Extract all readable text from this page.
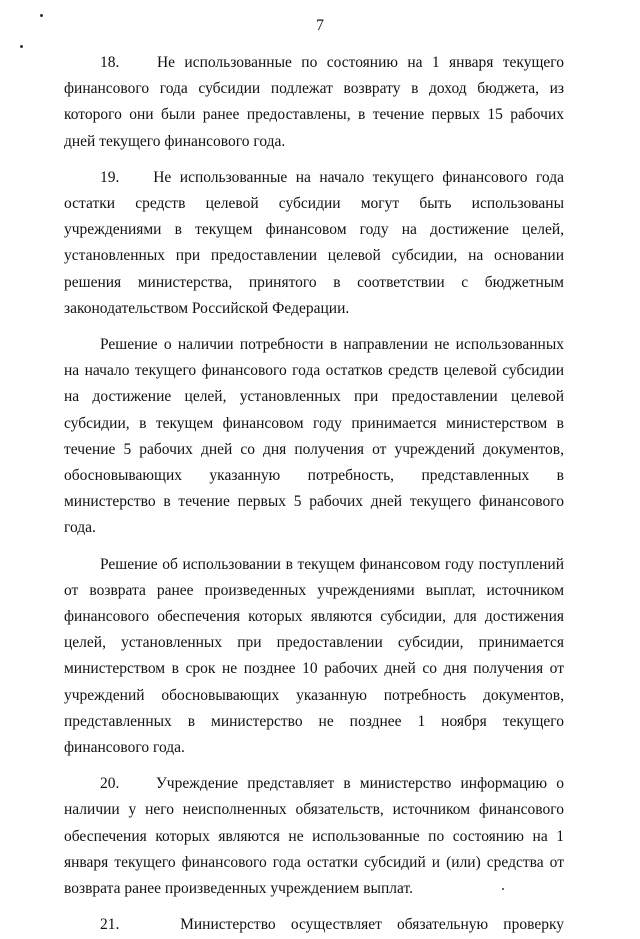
7

18. Не использованные по состоянию на 1 января текущего финансового года субсидии подлежат возврату в доход бюджета, из которого они были ранее предоставлены, в течение первых 15 рабочих дней текущего финансового года.

19. Не использованные на начало текущего финансового года остатки средств целевой субсидии могут быть использованы учреждениями в текущем финансовом году на достижение целей, установленных при предоставлении целевой субсидии, на основании решения министерства, принятого в соответствии с бюджетным законодательством Российской Федерации.

Решение о наличии потребности в направлении не использованных на начало текущего финансового года остатков средств целевой субсидии на достижение целей, установленных при предоставлении целевой субсидии, в текущем финансовом году принимается министерством в течение 5 рабочих дней со дня получения от учреждений документов, обосновывающих указанную потребность, представленных в министерство в течение первых 5 рабочих дней текущего финансового года.

Решение об использовании в текущем финансовом году поступлений от возврата ранее произведенных учреждениями выплат, источником финансового обеспечения которых являются субсидии, для достижения целей, установленных при предоставлении субсидии, принимается министерством в срок не позднее 10 рабочих дней со дня получения от учреждений обосновывающих указанную потребность документов, представленных в министерство не позднее 1 ноября текущего финансового года.

20. Учреждение представляет в министерство информацию о наличии у него неисполненных обязательств, источником финансового обеспечения которых являются не использованные по состоянию на 1 января текущего финансового года остатки субсидий и (или) средства от возврата ранее произведенных учреждением выплат.

21.	Министерство осуществляет обязательную проверку
